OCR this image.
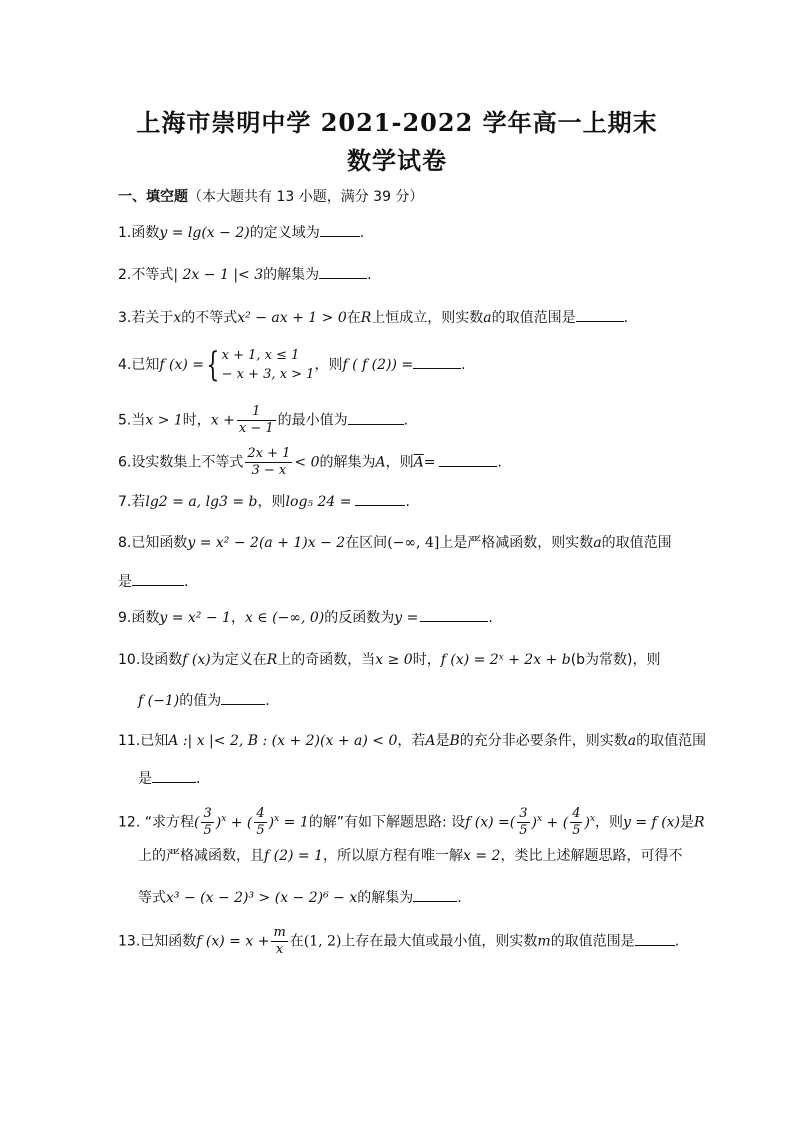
上海市崇明中学 2021-2022 学年高一上期末
数学试卷
一、填空题（本大题共有 13 小题，满分 39 分）
1.函数y = lg(x − 2)的定义域为	.
2.不等式| 2x − 1 |< 3的解集为	.
3.若关于x的不等式x² − ax + 1 > 0在R上恒成立，则实数a的取值范围是	.
4.已知f (x) ={ x + 1, x ≤ 1
− x + 3, x > 1
，则f ( f (2)) =	.
5.当x > 1时，$x + \frac{1}{x - 1}$ 的最小值为	.
6.设实数集上不等式 $\frac{2x + 1}{3 - x} < 0$的解集为A，则$\overline{A}=$	.
7.若lg2 = a, lg3 = b，则log₅ 24 =	.
8.已知函数y = x² − 2(a + 1)x − 2在区间(−∞, 4]上是严格减函数，则实数a的取值范围
是	.
9.函数y = x² − 1，x ∈ (−∞, 0)的反函数为y =	.
10.设函数f (x)为定义在R上的奇函数，当x ≥ 0时，f (x) = 2ˣ + 2x + b(b为常数)，则
f (−1)的值为	.
11.已知A :| x |< 2, B : (x + 2)(x + a) < 0，若A是B的充分非必要条件，则实数a的取值范围
是	.
12. “求方程( $\frac{3}{5} )^x$ + ( $\frac{4}{5} )^x = 1$的解”有如下解题思路: 设f (x) =( $\frac{3}{5} )^x$ + ( $\frac{4}{5} )^x$，则y = f (x)是R
上的严格减函数，且f (2) = 1，所以原方程有唯一解x = 2，类比上述解题思路，可得不
等式x³ − (x − 2)³ > (x − 2)⁶ − x的解集为	.
13.已知函数f $(x) = x + \frac{m}{x}$ 在(1, 2)上存在最大值或最小值，则实数m的取值范围是	.
